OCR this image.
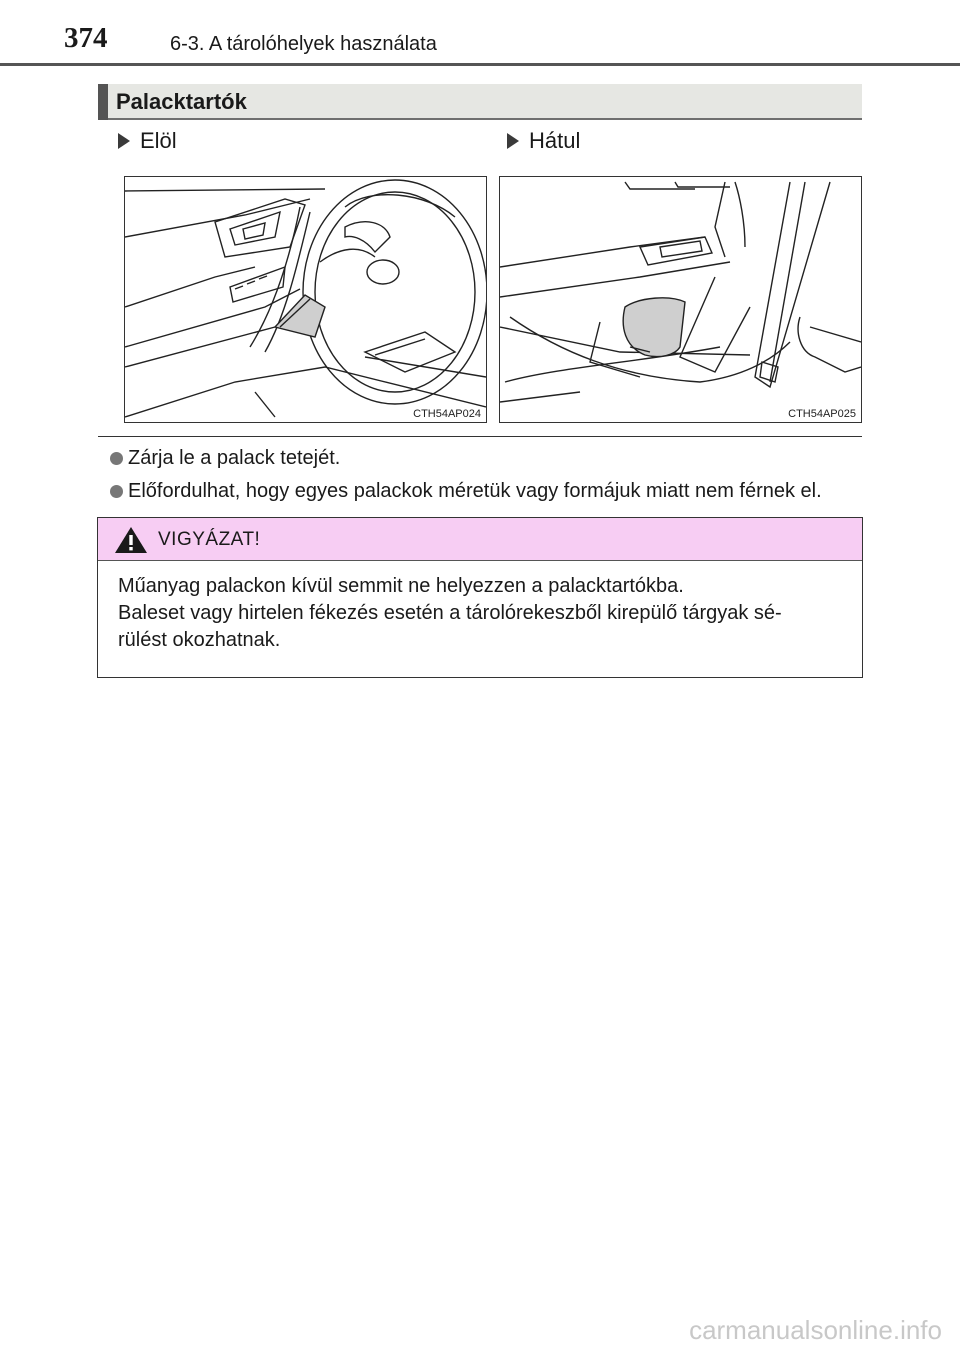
374	6-3. A tárolóhelyek használata
Palacktartók
Elöl	Hátul
CTH54AP024	CTH54AP025
Zárja le a palack tetejét.
Előfordulhat, hogy egyes palackok méretük vagy formájuk miatt nem férnek el.
VIGYÁZAT!
Műanyag palackon kívül semmit ne helyezzen a palacktartókba.
Baleset vagy hirtelen fékezés esetén a tárolórekeszből kirepülő tárgyak sé-
rülést okozhatnak.
carmanualsonline.info
